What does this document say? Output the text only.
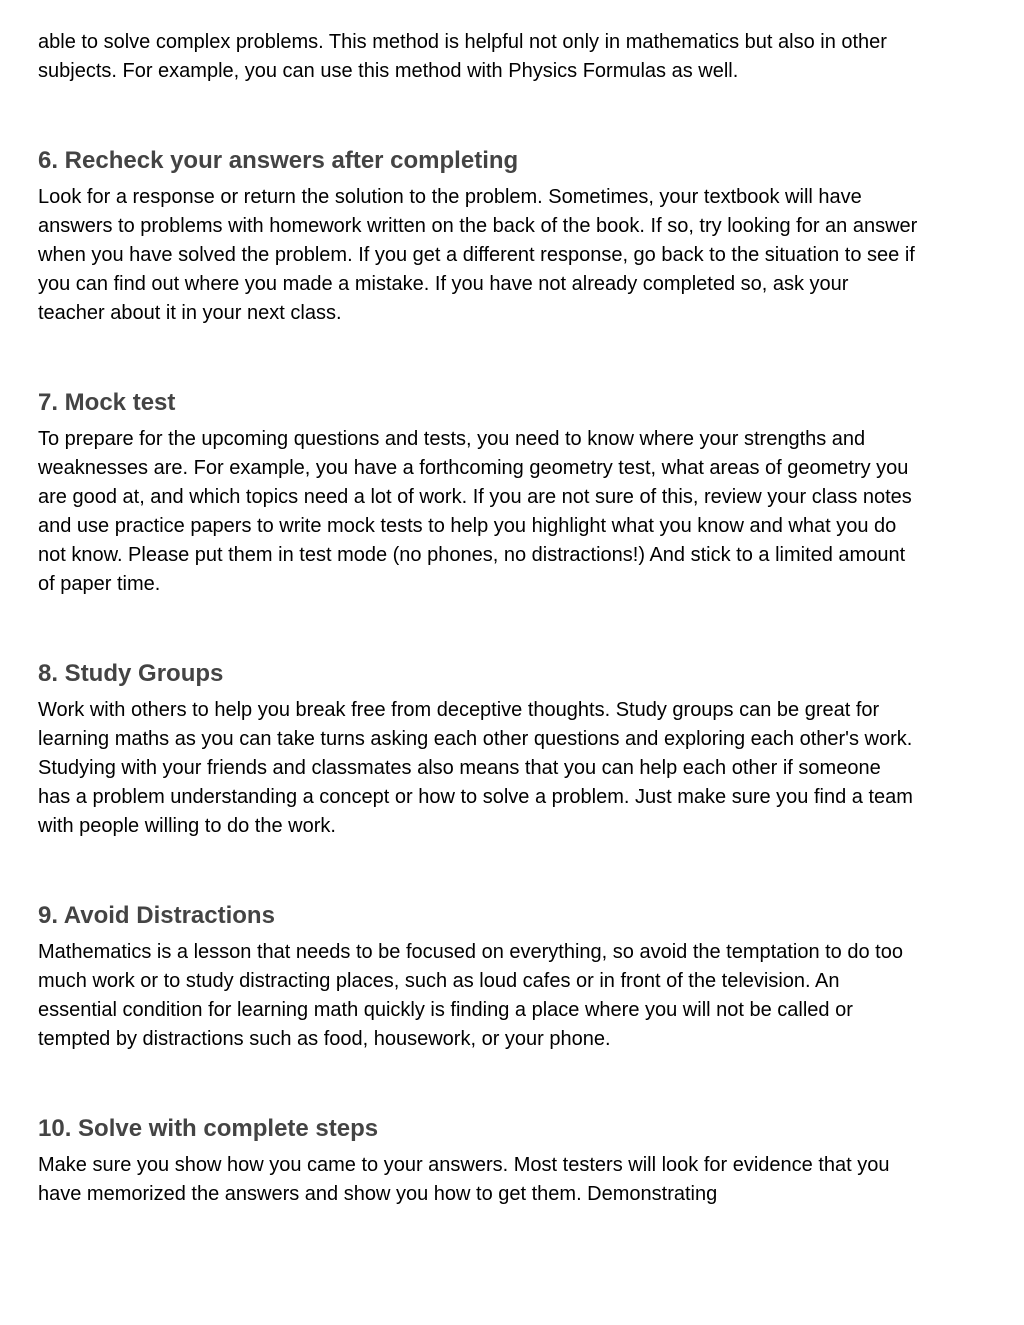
able to solve complex problems. This method is helpful not only in mathematics but also in other subjects. For example, you can use this method with Physics Formulas as well.

6. Recheck your answers after completing

Look for a response or return the solution to the problem. Sometimes, your textbook will have answers to problems with homework written on the back of the book. If so, try looking for an answer when you have solved the problem. If you get a different response, go back to the situation to see if you can find out where you made a mistake. If you have not already completed so, ask your teacher about it in your next class.

7. Mock test

To prepare for the upcoming questions and tests, you need to know where your strengths and weaknesses are. For example, you have a forthcoming geometry test, what areas of geometry you are good at, and which topics need a lot of work. If you are not sure of this, review your class notes and use practice papers to write mock tests to help you highlight what you know and what you do not know. Please put them in test mode (no phones, no distractions!) And stick to a limited amount of paper time.

8. Study Groups

Work with others to help you break free from deceptive thoughts. Study groups can be great for learning maths as you can take turns asking each other questions and exploring each other's work. Studying with your friends and classmates also means that you can help each other if someone has a problem understanding a concept or how to solve a problem. Just make sure you find a team with people willing to do the work.

9. Avoid Distractions

Mathematics is a lesson that needs to be focused on everything, so avoid the temptation to do too much work or to study distracting places, such as loud cafes or in front of the television. An essential condition for learning math quickly is finding a place where you will not be called or tempted by distractions such as food, housework, or your phone.

10. Solve with complete steps

Make sure you show how you came to your answers. Most testers will look for evidence that you have memorized the answers and show you how to get them. Demonstrating
